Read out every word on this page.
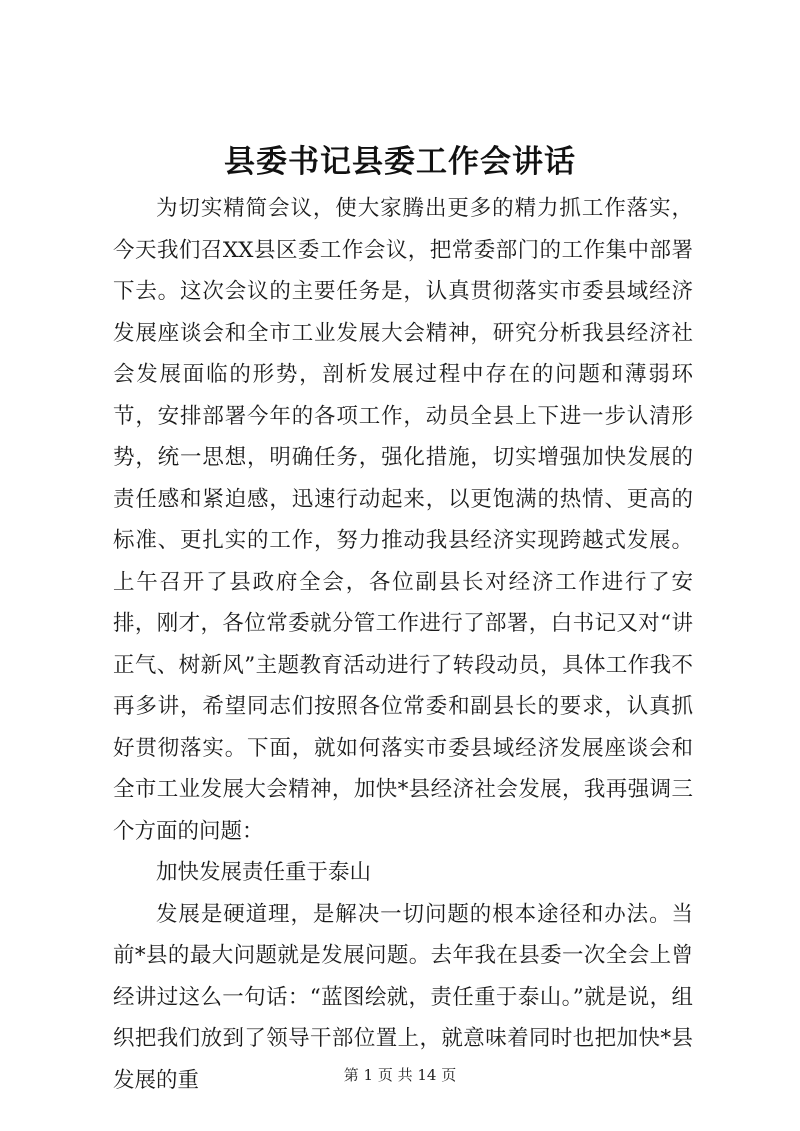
县委书记县委工作会讲话

为切实精简会议，使大家腾出更多的精力抓工作落实，今天我们召XX县区委工作会议，把常委部门的工作集中部署下去。这次会议的主要任务是，认真贯彻落实市委县域经济发展座谈会和全市工业发展大会精神，研究分析我县经济社会发展面临的形势，剖析发展过程中存在的问题和薄弱环节，安排部署今年的各项工作，动员全县上下进一步认清形势，统一思想，明确任务，强化措施，切实增强加快发展的责任感和紧迫感，迅速行动起来，以更饱满的热情、更高的标准、更扎实的工作，努力推动我县经济实现跨越式发展。上午召开了县政府全会，各位副县长对经济工作进行了安排，刚才，各位常委就分管工作进行了部署，白书记又对“讲正气、树新风”主题教育活动进行了转段动员，具体工作我不再多讲，希望同志们按照各位常委和副县长的要求，认真抓好贯彻落实。下面，就如何落实市委县域经济发展座谈会和全市工业发展大会精神，加快*县经济社会发展，我再强调三个方面的问题：

加快发展责任重于泰山

发展是硬道理，是解决一切问题的根本途径和办法。当前*县的最大问题就是发展问题。去年我在县委一次全会上曾经讲过这么一句话：“蓝图绘就，责任重于泰山。”就是说，组织把我们放到了领导干部位置上，就意味着同时也把加快*县发展的重	第 1 页 共 14 页
